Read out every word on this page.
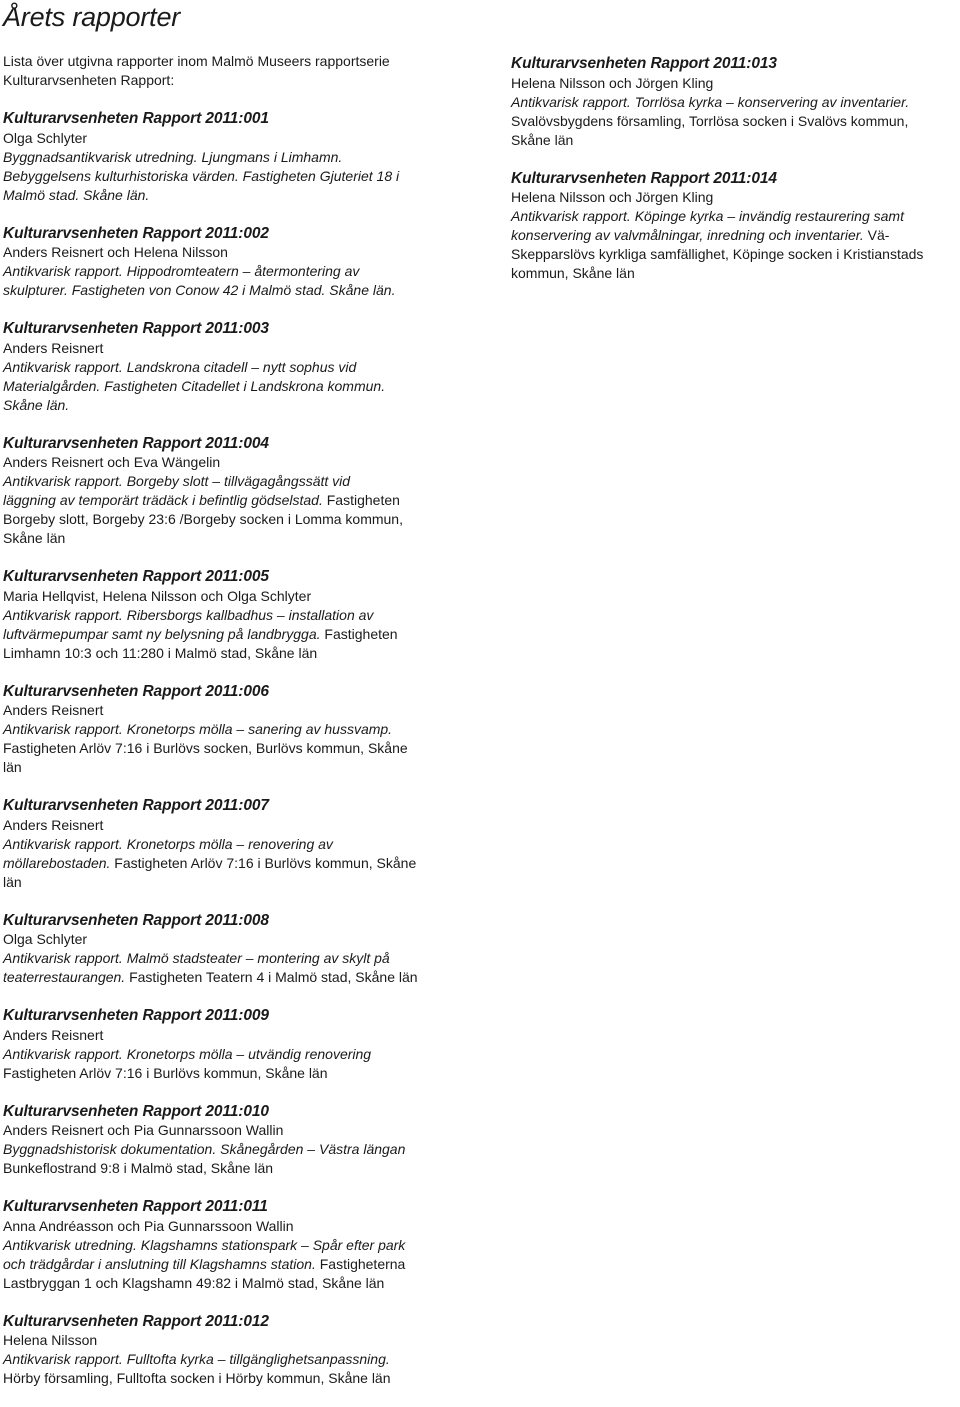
Årets rapporter
Lista över utgivna rapporter inom Malmö Museers rapportserie
Kulturarvsenheten Rapport:
Kulturarvsenheten Rapport 2011:001
Olga Schlyter
Byggnadsantikvarisk utredning. Ljungmans i Limhamn.
Bebyggelsens kulturhistoriska värden. Fastigheten Gjuteriet 18 i
Malmö stad. Skåne län.
Kulturarvsenheten Rapport 2011:002
Anders Reisnert och Helena Nilsson
Antikvarisk rapport. Hippodromteatern – återmontering av
skulpturer. Fastigheten von Conow 42 i Malmö stad. Skåne län.
Kulturarvsenheten Rapport 2011:003
Anders Reisnert
Antikvarisk rapport. Landskrona citadell – nytt sophus vid
Materialgården. Fastigheten Citadellet i Landskrona kommun.
Skåne län.
Kulturarvsenheten Rapport 2011:004
Anders Reisnert och Eva Wängelin
Antikvarisk rapport. Borgeby slott – tillvägagångssätt vid
läggning av temporärt trädäck i befintlig gödselstad. Fastigheten
Borgeby slott, Borgeby 23:6 /Borgeby socken i Lomma kommun,
Skåne län
Kulturarvsenheten Rapport 2011:005
Maria Hellqvist, Helena Nilsson och Olga Schlyter
Antikvarisk rapport. Ribersborgs kallbadhus – installation av
luftvärmepumpar samt ny belysning på landbrygga. Fastigheten
Limhamn 10:3 och 11:280 i Malmö stad, Skåne län
Kulturarvsenheten Rapport 2011:006
Anders Reisnert
Antikvarisk rapport. Kronetorps mölla – sanering av hussvamp.
Fastigheten Arlöv 7:16 i Burlövs socken, Burlövs kommun, Skåne
län
Kulturarvsenheten Rapport 2011:007
Anders Reisnert
Antikvarisk rapport. Kronetorps mölla – renovering av
möllarebostaden. Fastigheten Arlöv 7:16 i Burlövs kommun, Skåne
län
Kulturarvsenheten Rapport 2011:008
Olga Schlyter
Antikvarisk rapport. Malmö stadsteater – montering av skylt på
teaterrestaurangen. Fastigheten Teatern 4 i Malmö stad, Skåne län
Kulturarvsenheten Rapport 2011:009
Anders Reisnert
Antikvarisk rapport. Kronetorps mölla – utvändig renovering
Fastigheten Arlöv 7:16 i Burlövs kommun, Skåne län
Kulturarvsenheten Rapport 2011:010
Anders Reisnert och Pia Gunnarssoon Wallin
Byggnadshistorisk dokumentation. Skånegården – Västra längan
Bunkeflostrand 9:8 i Malmö stad, Skåne län
Kulturarvsenheten Rapport 2011:011
Anna Andréasson och Pia Gunnarssoon Wallin
Antikvarisk utredning. Klagshamns stationspark – Spår efter park
och trädgårdar i anslutning till Klagshamns station. Fastigheterna
Lastbryggan 1 och Klagshamn 49:82 i Malmö stad, Skåne län
Kulturarvsenheten Rapport 2011:012
Helena Nilsson
Antikvarisk rapport. Fulltofta kyrka – tillgänglighetsanpassning.
Hörby församling, Fulltofta socken i Hörby kommun, Skåne län
Kulturarvsenheten Rapport 2011:013
Helena Nilsson och Jörgen Kling
Antikvarisk rapport. Torrlösa kyrka – konservering av inventarier.
Svalövsbygdens församling, Torrlösa socken i Svalövs kommun,
Skåne län
Kulturarvsenheten Rapport 2011:014
Helena Nilsson och Jörgen Kling
Antikvarisk rapport. Köpinge kyrka – invändig restaurering samt
konservering av valvmålningar, inredning och inventarier. Vä-
Skepparslövs kyrkliga samfällighet, Köpinge socken i Kristianstads
kommun, Skåne län
